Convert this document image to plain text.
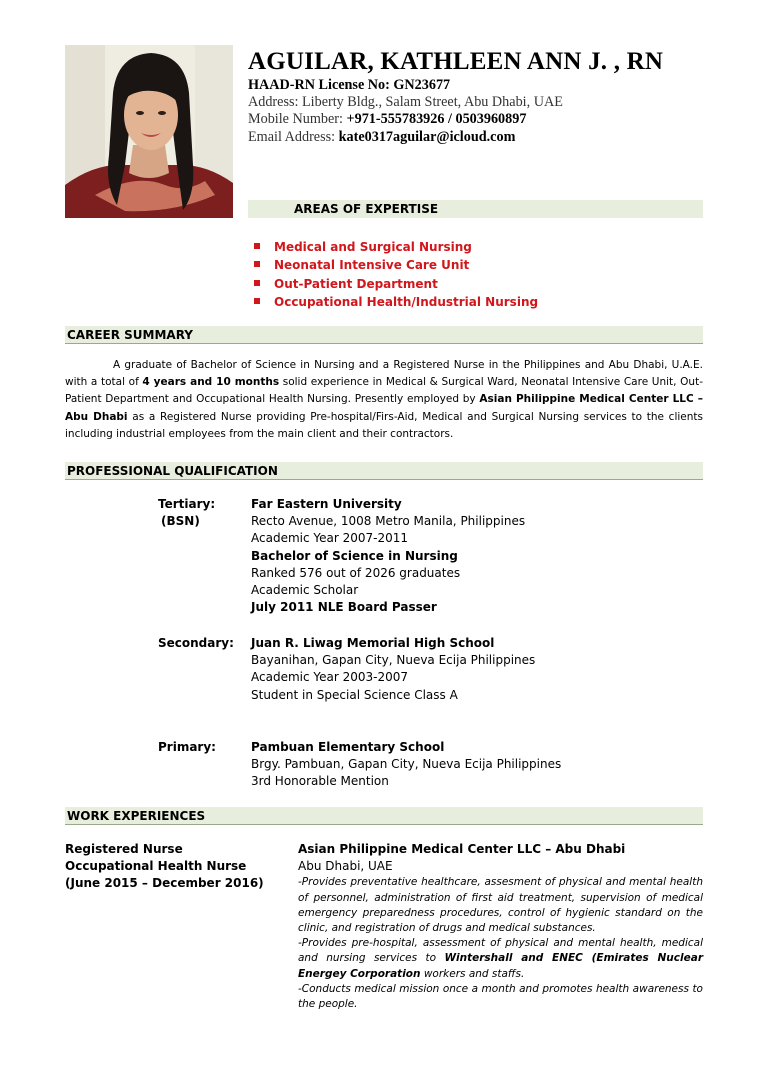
AGUILAR, KATHLEEN ANN J. , RN
HAAD-RN License No: GN23677
Address: Liberty Bldg., Salam Street, Abu Dhabi, UAE
Mobile Number: +971-555783926 / 0503960897
Email Address: kate0317aguilar@icloud.com
AREAS OF EXPERTISE
Medical and Surgical Nursing
Neonatal Intensive Care Unit
Out-Patient Department
Occupational Health/Industrial Nursing
CAREER SUMMARY

A graduate of Bachelor of Science in Nursing and a Registered Nurse in the Philippines and Abu Dhabi, U.A.E. with a total of 4 years and 10 months solid experience in Medical & Surgical Ward, Neonatal Intensive Care Unit, Out-Patient Department and Occupational Health Nursing. Presently employed by Asian Philippine Medical Center LLC – Abu Dhabi as a Registered Nurse providing Pre-hospital/Firs-Aid, Medical and Surgical Nursing services to the clients including industrial employees from the main client and their contractors.

PROFESSIONAL QUALIFICATION
Tertiary:
(BSN)
Far Eastern University
Recto Avenue, 1008 Metro Manila, Philippines
Academic Year 2007-2011
Bachelor of Science in Nursing
Ranked 576 out of 2026 graduates
Academic Scholar
July 2011 NLE Board Passer
Secondary: Juan R. Liwag Memorial High School
Bayanihan, Gapan City, Nueva Ecija Philippines
Academic Year 2003-2007
Student in Special Science Class A
Primary:	Pambuan Elementary School
Brgy. Pambuan, Gapan City, Nueva Ecija Philippines
3rd Honorable Mention
WORK EXPERIENCES
Registered Nurse
Occupational Health Nurse
(June 2015 – December 2016)
Asian Philippine Medical Center LLC – Abu Dhabi
Abu Dhabi, UAE

-Provides preventative healthcare, assesment of physical and mental health of personnel, administration of first aid treatment, supervision of medical emergency preparedness procedures, control of hygienic standard on the clinic, and registration of drugs and medical substances.

-Provides pre-hospital, assessment of physical and mental health, medical and nursing services to Wintershall and ENEC (Emirates Nuclear Energey Corporation workers and staffs.

-Conducts medical mission once a month and promotes health awareness to the people.
